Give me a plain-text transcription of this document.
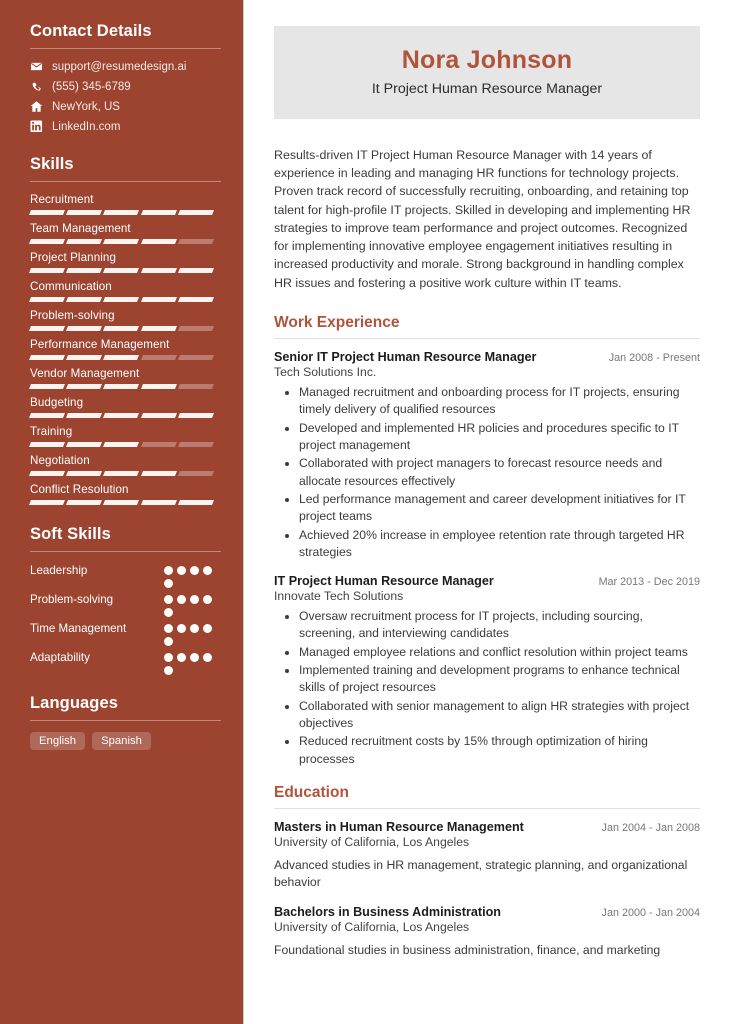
Contact Details
support@resumedesign.ai
(555) 345-6789
NewYork, US
LinkedIn.com
Skills
Recruitment
Team Management
Project Planning
Communication
Problem-solving
Performance Management
Vendor Management
Budgeting
Training
Negotiation
Conflict Resolution
Soft Skills
Leadership
Problem-solving
Time Management
Adaptability
Languages
English	Spanish
Nora Johnson
It Project Human Resource Manager

Results-driven IT Project Human Resource Manager with 14 years of experience in leading and managing HR functions for technology projects. Proven track record of successfully recruiting, onboarding, and retaining top talent for high-profile IT projects. Skilled in developing and implementing HR strategies to improve team performance and project outcomes. Recognized for implementing innovative employee engagement initiatives resulting in increased productivity and morale. Strong background in handling complex HR issues and fostering a positive work culture within IT teams.

Work Experience
Senior IT Project Human Resource Manager	Jan 2008 - Present
Tech Solutions Inc.
• Managed recruitment and onboarding process for IT projects, ensuring timely delivery of qualified resources
• Developed and implemented HR policies and procedures specific to IT project management
• Collaborated with project managers to forecast resource needs and allocate resources effectively
• Led performance management and career development initiatives for IT project teams
• Achieved 20% increase in employee retention rate through targeted HR strategies
IT Project Human Resource Manager	Mar 2013 - Dec 2019
Innovate Tech Solutions
• Oversaw recruitment process for IT projects, including sourcing, screening, and interviewing candidates
• Managed employee relations and conflict resolution within project teams
• Implemented training and development programs to enhance technical skills of project resources
• Collaborated with senior management to align HR strategies with project objectives
• Reduced recruitment costs by 15% through optimization of hiring processes
Education
Masters in Human Resource Management	Jan 2004 - Jan 2008
University of California, Los Angeles
Advanced studies in HR management, strategic planning, and organizational behavior
Bachelors in Business Administration	Jan 2000 - Jan 2004
University of California, Los Angeles
Foundational studies in business administration, finance, and marketing
